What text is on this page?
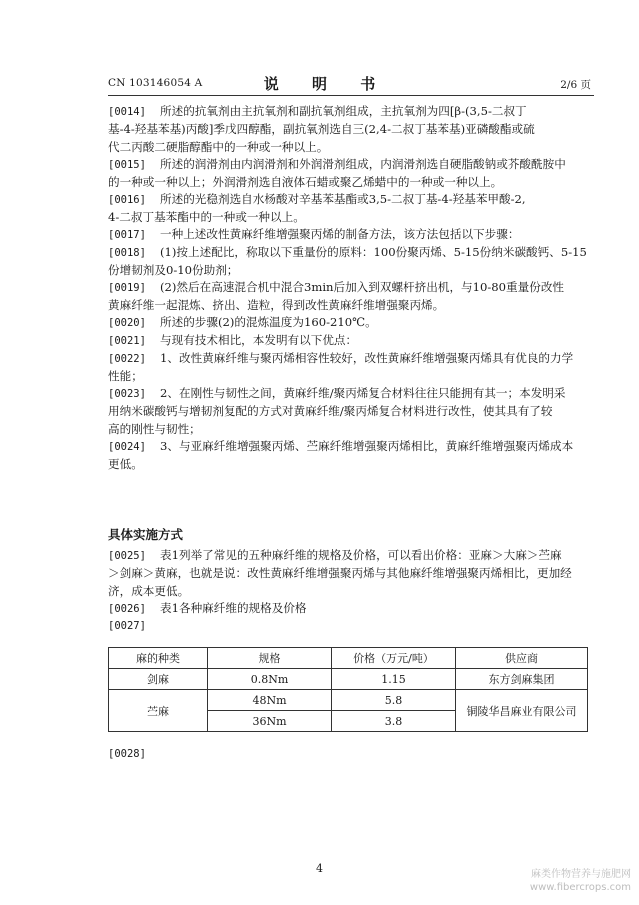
CN 103146054 A	说 明 书	2/6 页
[0014] 所述的抗氧剂由主抗氧剂和副抗氧剂组成，主抗氧剂为四[β-(3,5-二叔丁
基-4-羟基苯基)丙酸]季戊四醇酯，副抗氧剂选自三(2,4-二叔丁基苯基)亚磷酸酯或硫
代二丙酸二硬脂醇酯中的一种或一种以上。
[0015] 所述的润滑剂由内润滑剂和外润滑剂组成，内润滑剂选自硬脂酸钠或芥酸酰胺中
的一种或一种以上；外润滑剂选自液体石蜡或聚乙烯蜡中的一种或一种以上。
[0016] 所述的光稳剂选自水杨酸对辛基苯基酯或3,5-二叔丁基-4-羟基苯甲酸-2,
4-二叔丁基苯酯中的一种或一种以上。
[0017] 一种上述改性黄麻纤维增强聚丙烯的制备方法，该方法包括以下步骤：
[0018] (1)按上述配比，称取以下重量份的原料：100份聚丙烯、5-15份纳米碳酸钙、5-15
份增韧剂及0-10份助剂；
[0019] (2)然后在高速混合机中混合3min后加入到双螺杆挤出机，与10-80重量份改性
黄麻纤维一起混炼、挤出、造粒，得到改性黄麻纤维增强聚丙烯。
[0020] 所述的步骤(2)的混炼温度为160-210℃。
[0021] 与现有技术相比，本发明有以下优点：
[0022] 1、改性黄麻纤维与聚丙烯相容性较好，改性黄麻纤维增强聚丙烯具有优良的力学
性能；
[0023] 2、在刚性与韧性之间，黄麻纤维/聚丙烯复合材料往往只能拥有其一；本发明采
用纳米碳酸钙与增韧剂复配的方式对黄麻纤维/聚丙烯复合材料进行改性，使其具有了较
高的刚性与韧性；
[0024] 3、与亚麻纤维增强聚丙烯、苎麻纤维增强聚丙烯相比，黄麻纤维增强聚丙烯成本
更低。
具体实施方式
[0025] 表1列举了常见的五种麻纤维的规格及价格，可以看出价格：亚麻＞大麻＞苎麻
＞剑麻＞黄麻，也就是说：改性黄麻纤维增强聚丙烯与其他麻纤维增强聚丙烯相比，更加经
济，成本更低。
[0026] 表1各种麻纤维的规格及价格
[0027]
麻的种类	规格	价格（万元/吨）	供应商
剑麻	0.8Nm	1.15	东方剑麻集团
苎麻	48Nm	5.8	铜陵华昌麻业有限公司
	36Nm	3.8	
[0028]
4	麻类作物营养与施肥网
www.fibercrops.com
